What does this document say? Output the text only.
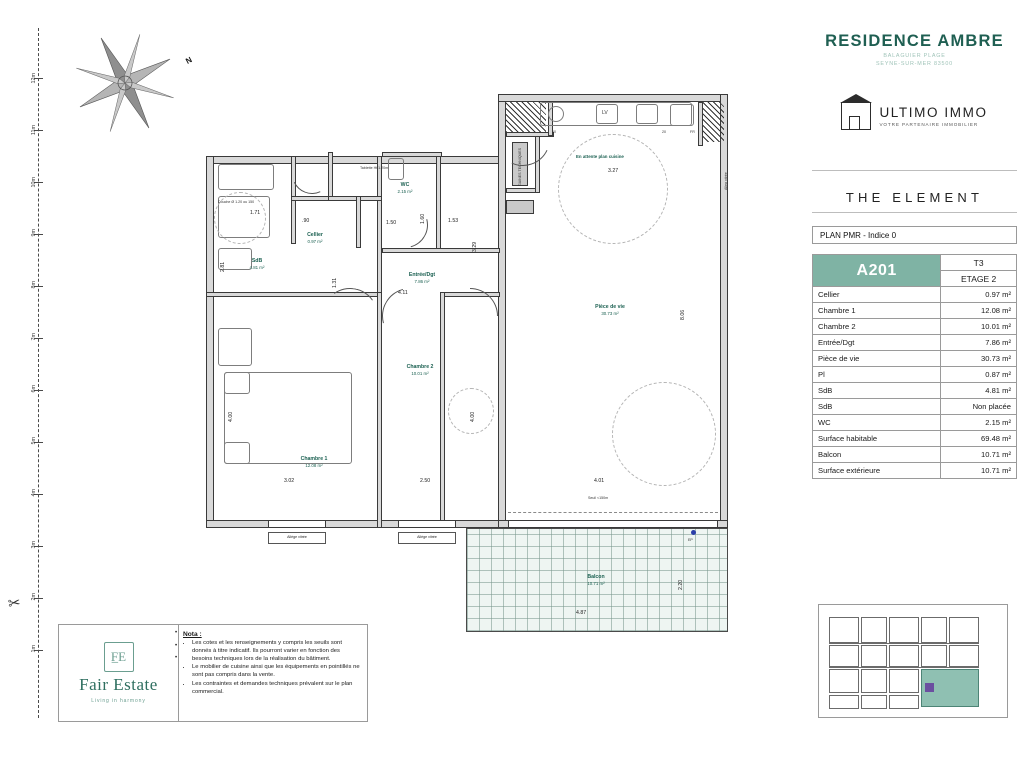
1m
2m
3m
4m
5m
6m
7m
8m
9m
10m
11m
12m
✂

N
RESIDENCE AMBRE
BALAGUIER PLAGE
SEYNE-SUR-MER 83500
ULTIMO IMMO
VOTRE PARTENAIRE IMMOBILIER
THE ELEMENT
PLAN PMR - Indice 0
A201	T3
	ETAGE 2
Cellier	0.97 m²
Chambre 1	12.08 m²
Chambre 2	10.01 m²
Entrée/Dgt	7.86 m²
Pièce de vie	30.73 m²
Pl	0.87 m²
SdB	4.81 m²
SdB	Non placée
WC	2.15 m²
Surface habitable	69.48 m²
Balcon	10.71 m²
Surface extérieure	10.71 m²
F̲E
Fair Estate
Living in harmony
•
•
•
Nota :
• Les cotes et les renseignements y compris les seuils sont donnés à titre indicatif. Ils pourront varier en fonction des besoins techniques lors de la réalisation du bâtiment.
• Le mobilier de cuisine ainsi que les équipements en pointillés ne sont pas compris dans la vente.
• Les contraintes et demandes techniques prévalent sur le plan commercial.
EP
Cellier
0.97 m²
SdB
4.81 m²
WC
2.15 m²
Entrée/Dgt
7.86 m²
Chambre 2
10.01 m²
Chambre 1
12.08 m²
Pièce de vie
30.73 m²
Balcon
10.71 m²
En attente plan cuisine
1.71
2.81
.90	1.50	1.60	1.53
1.31
4.11
3.29
3.27
8.06
4.00	4.00
3.02	2.50	4.01
4.87
2.20
60	20	FR
LV
Douche Ø 1.20 ou 150
Tablette Ht 1.20m	GAINES TECHNIQUES	Alleg vitrée
Seuil <150m
Allège vitrée	Allège vitrée
